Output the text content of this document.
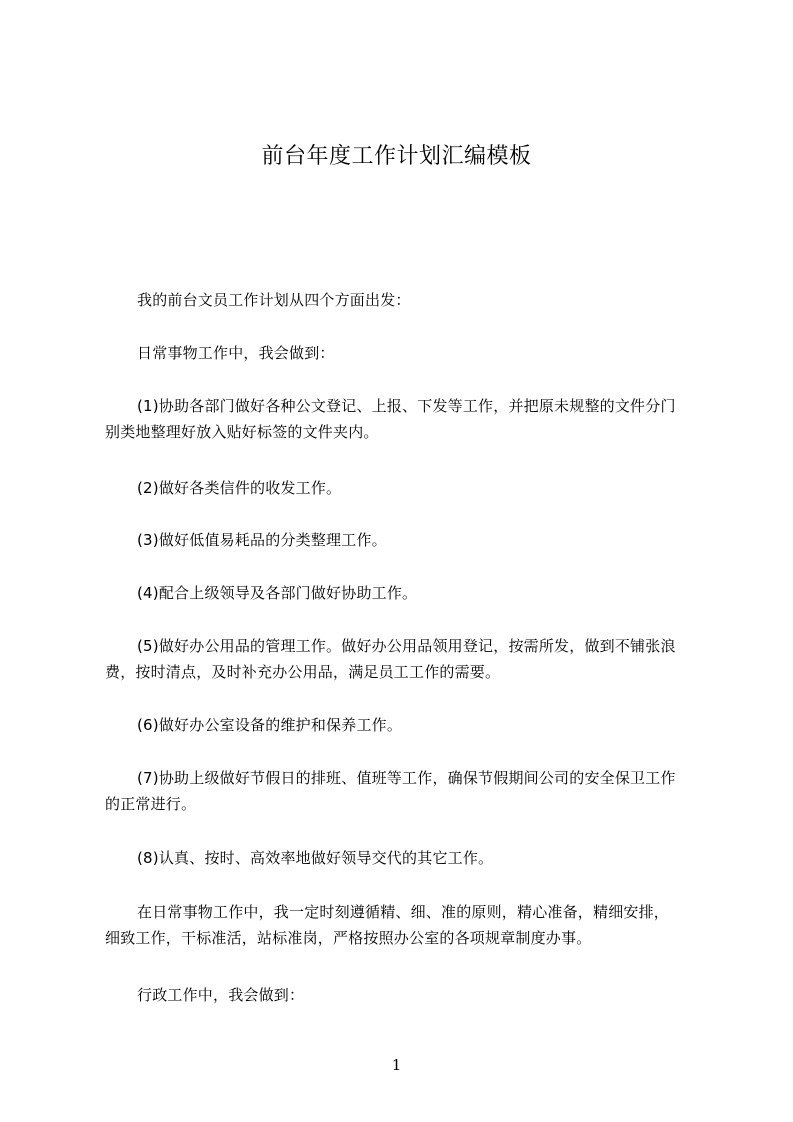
前台年度工作计划汇编模板
我的前台文员工作计划从四个方面出发：
日常事物工作中，我会做到：
(1)协助各部门做好各种公文登记、上报、下发等工作，并把原未规整的文件分门
别类地整理好放入贴好标签的文件夹内。
(2)做好各类信件的收发工作。
(3)做好低值易耗品的分类整理工作。
(4)配合上级领导及各部门做好协助工作。
(5)做好办公用品的管理工作。做好办公用品领用登记，按需所发，做到不铺张浪
费，按时清点，及时补充办公用品，满足员工工作的需要。
(6)做好办公室设备的维护和保养工作。
(7)协助上级做好节假日的排班、值班等工作，确保节假期间公司的安全保卫工作
的正常进行。
(8)认真、按时、高效率地做好领导交代的其它工作。
在日常事物工作中，我一定时刻遵循精、细、准的原则，精心准备，精细安排，
细致工作，干标准活，站标准岗，严格按照办公室的各项规章制度办事。
行政工作中，我会做到：
1
